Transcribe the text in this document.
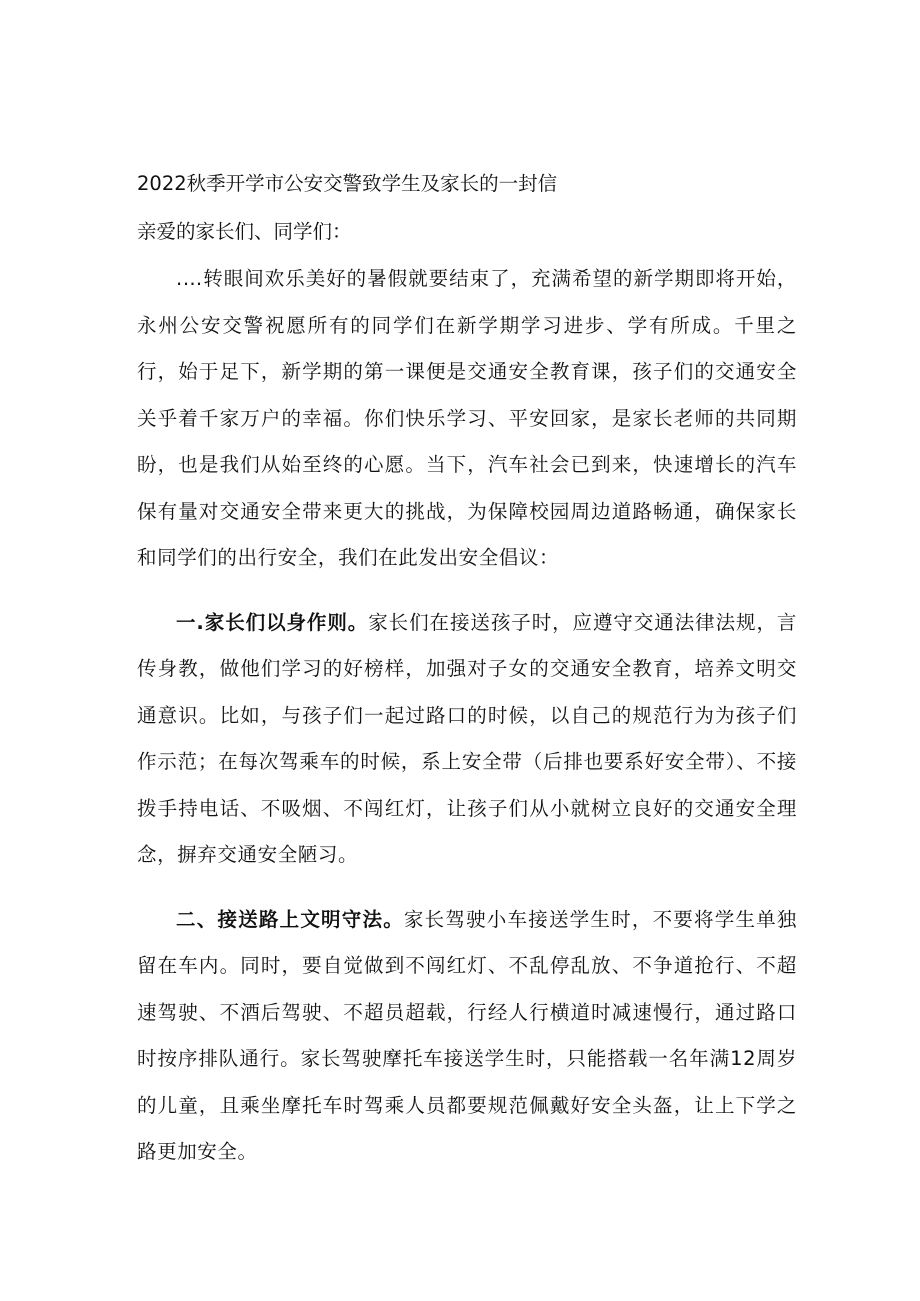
2022秋季开学市公安交警致学生及家长的一封信

亲爱的家长们、同学们：

.…转眼间欢乐美好的暑假就要结束了，充满希望的新学期即将开始，永州公安交警祝愿所有的同学们在新学期学习进步、学有所成。千里之行，始于足下，新学期的第一课便是交通安全教育课，孩子们的交通安全关乎着千家万户的幸福。你们快乐学习、平安回家，是家长老师的共同期盼，也是我们从始至终的心愿。当下，汽车社会已到来，快速增长的汽车保有量对交通安全带来更大的挑战，为保障校园周边道路畅通，确保家长和同学们的出行安全，我们在此发出安全倡议：

一.家长们以身作则。家长们在接送孩子时，应遵守交通法律法规，言传身教，做他们学习的好榜样，加强对子女的交通安全教育，培养文明交通意识。比如，与孩子们一起过路口的时候，以自己的规范行为为孩子们作示范；在每次驾乘车的时候，系上安全带（后排也要系好安全带）、不接拨手持电话、不吸烟、不闯红灯，让孩子们从小就树立良好的交通安全理念，摒弃交通安全陋习。

二、接送路上文明守法。家长驾驶小车接送学生时，不要将学生单独留在车内。同时，要自觉做到不闯红灯、不乱停乱放、不争道抢行、不超速驾驶、不酒后驾驶、不超员超载，行经人行横道时减速慢行，通过路口时按序排队通行。家长驾驶摩托车接送学生时，只能搭载一名年满12周岁的儿童，且乘坐摩托车时驾乘人员都要规范佩戴好安全头盔，让上下学之路更加安全。
